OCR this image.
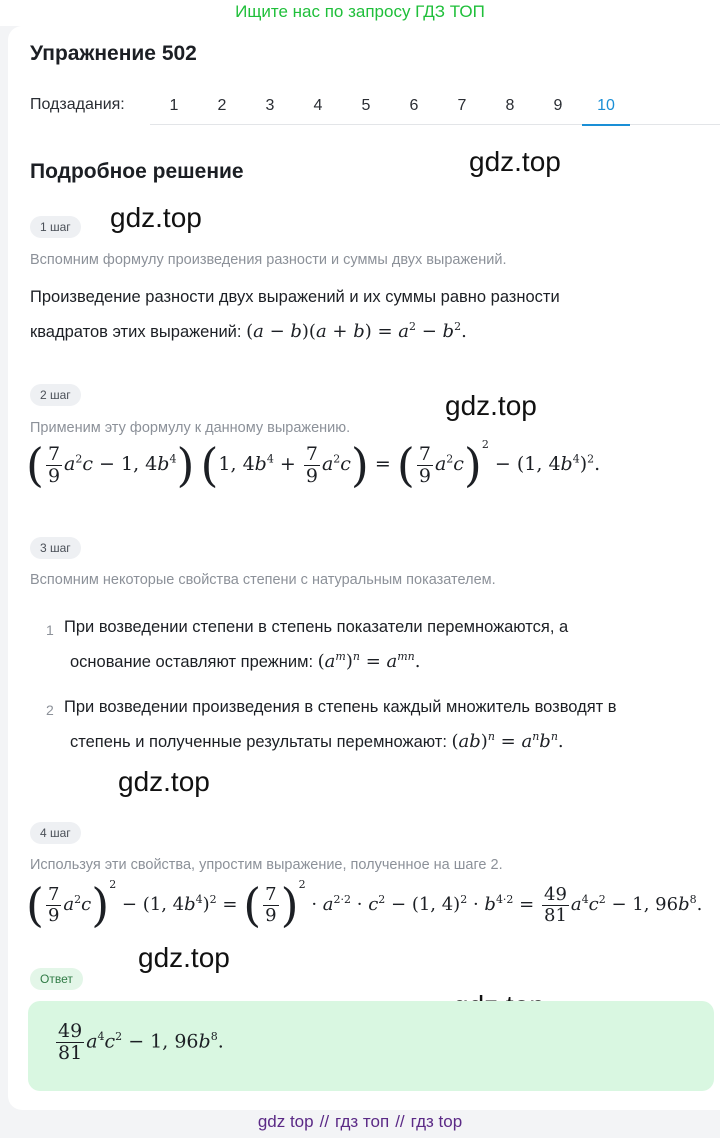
Ищите нас по запросу ГДЗ ТОП
Упражнение 502
Подзадания:	1	2	3	4	5	6	7	8	9	10
Подробное решение	gdz.top
gdz.top
gdz.top
gdz.top
gdz.top
1 шаг
Вспомним формулу произведения разности и суммы двух выражений.
Произведение разности двух выражений и их суммы равно разности
квадратов этих выражений: $(a - b)(a + b) = a^2 - b^2$.
2 шаг
Применим эту формулу к данному выражению.
( $\frac{7}{9} a^2c - 1$, $4b^4$) (1, $4b^4 + \frac{7}{9} a^2c$) = ( $\frac{7}{9} a^2c)^2 - (1$, $4b^4)^2$.
3 шаг
Вспомним некоторые свойства степени с натуральным показателем.
1 При возведении степени в степень показатели перемножаются, а
основание оставляют прежним: $(a^m)^n = a^{mn}$.
2 При возведении произведения в степень каждый множитель возводят в
степень и полученные результаты перемножают: $(ab)^n = a^nb^n$.
4 шаг
Используя эти свойства, упростим выражение, полученное на шаге 2.
( $\frac{7}{9} a^2c)^2 - (1$, $4b^4)^2$ = ( $\frac{7}{9} )^2 \cdot a^{2\cdot 2} \cdot c^2 - (1$, $4)^2 \cdot b^{4\cdot 2} = \frac{49}{81} a^4c^2 - 1$, $96b^8$.
Ответ
$\frac{49}{81} a^4c^2 - 1$, $96b^8$.
gdz top // гдз топ // гдз top
